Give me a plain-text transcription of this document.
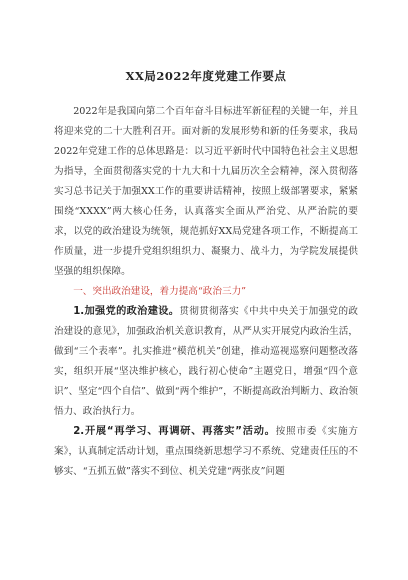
XX局2022年度党建工作要点

2022年是我国向第二个百年奋斗目标进军新征程的关键一年，并且将迎来党的二十大胜利召开。面对新的发展形势和新的任务要求，我局2022年党建工作的总体思路是：以习近平新时代中国特色社会主义思想为指导，全面贯彻落实党的十九大和十九届历次全会精神，深入贯彻落实习总书记关于加强XX工作的重要讲话精神，按照上级部署要求，紧紧围绕“XXXX”两大核心任务，认真落实全面从严治党、从严治院的要求，以党的政治建设为统领，规范抓好XX局党建各项工作，不断提高工作质量，进一步提升党组织组织力、凝聚力、战斗力，为学院发展提供坚强的组织保障。

一、突出政治建设，着力提高“政治三力”

1.加强党的政治建设。贯彻贯彻落实《中共中央关于加强党的政治建设的意见》，加强政治机关意识教育，从严从实开展党内政治生活，做到“三个表率”。扎实推进“模范机关”创建，推动巡视巡察问题整改落实，组织开展“坚决维护核心，践行初心使命”主题党日，增强“四个意识”、坚定“四个自信”、做到“两个维护”，不断提高政治判断力、政治领悟力、政治执行力。

2.开展“再学习、再调研、再落实”活动。按照市委《实施方案》，认真制定活动计划，重点围绕新思想学习不系统、党建责任压的不够实、“五抓五做”落实不到位、机关党建“两张皮”问题
